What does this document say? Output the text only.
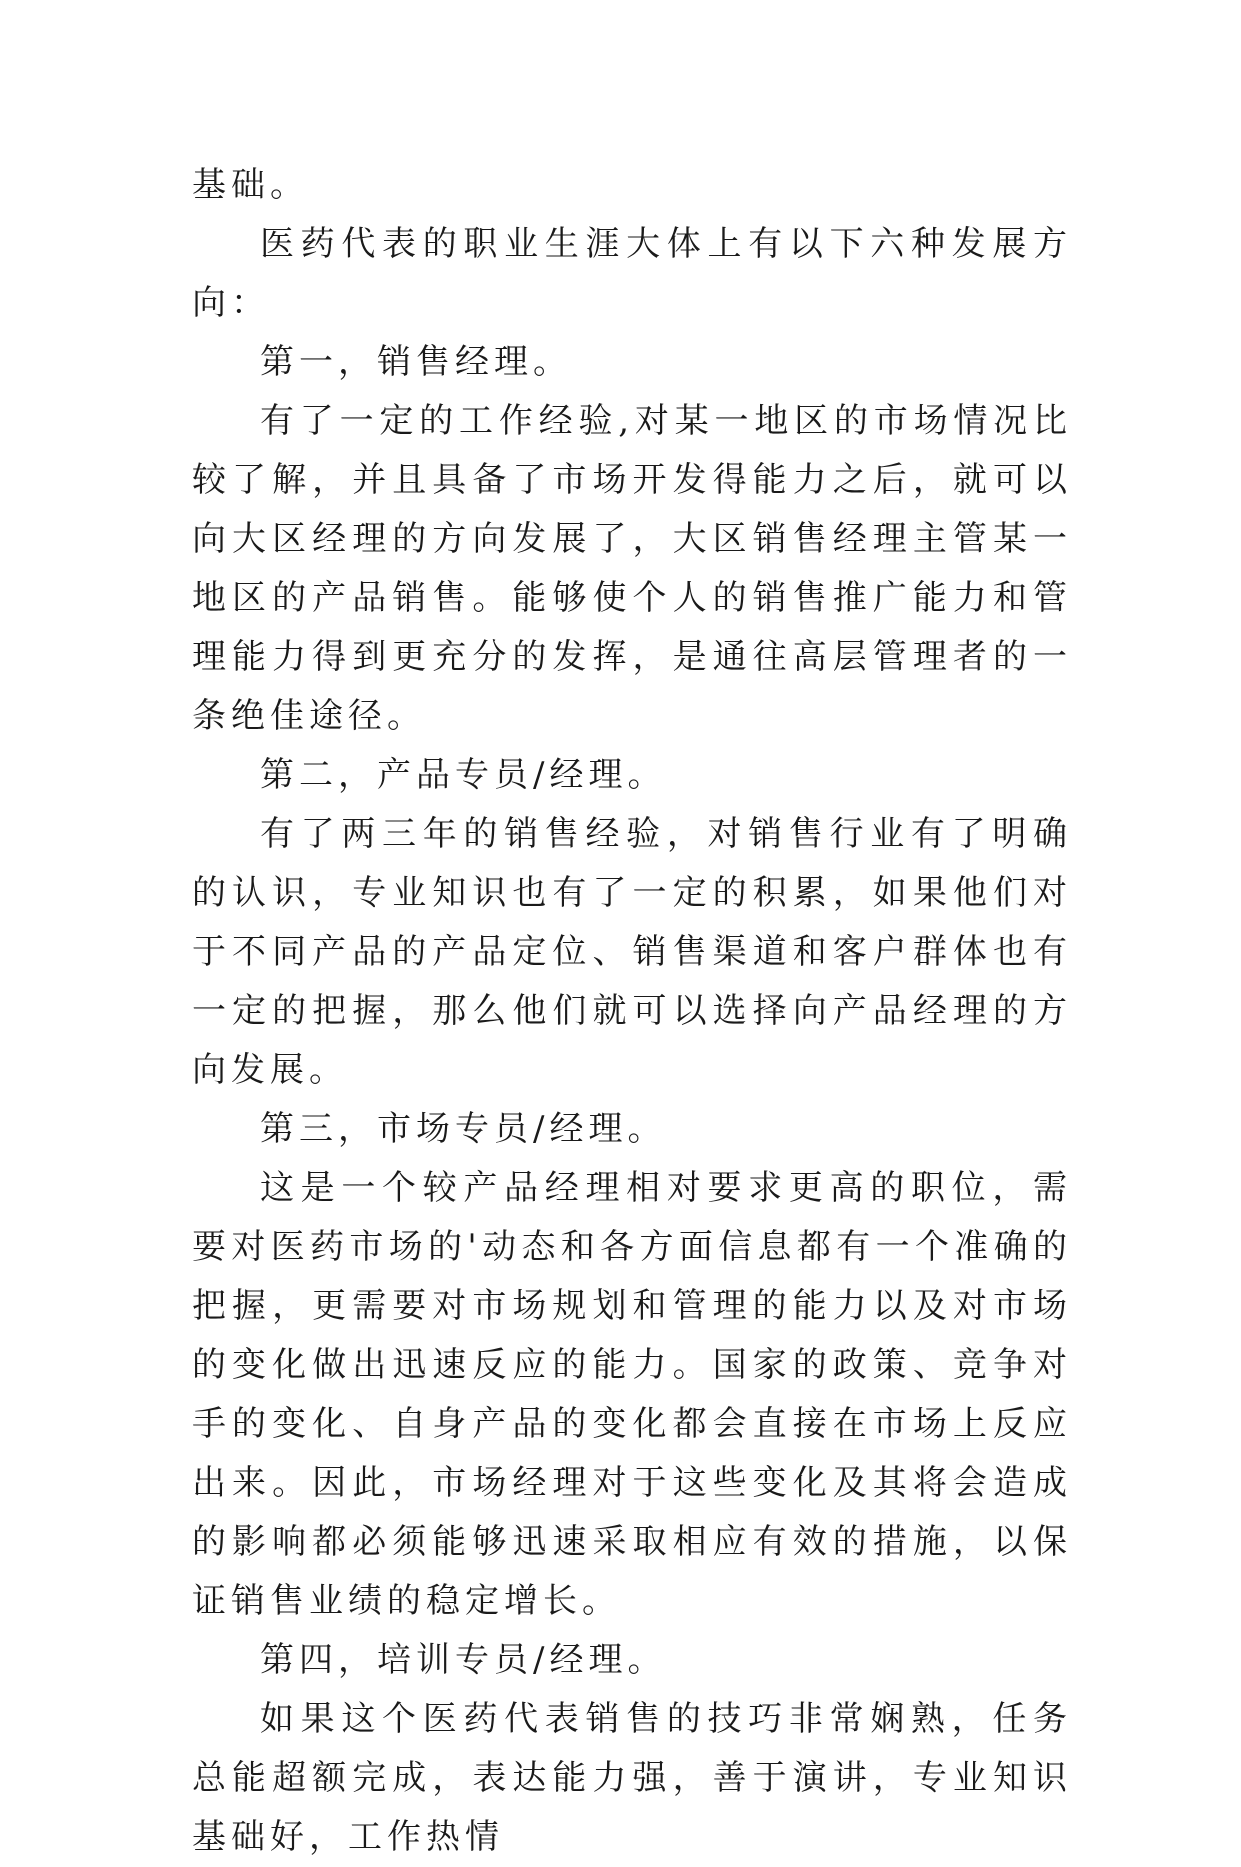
基础。

医药代表的职业生涯大体上有以下六种发展方向：

第一，销售经理。

有了一定的工作经验,对某一地区的市场情况比较了解，并且具备了市场开发得能力之后，就可以向大区经理的方向发展了，大区销售经理主管某一地区的产品销售。能够使个人的销售推广能力和管理能力得到更充分的发挥，是通往高层管理者的一条绝佳途径。

第二，产品专员/经理。

有了两三年的销售经验，对销售行业有了明确的认识，专业知识也有了一定的积累，如果他们对于不同产品的产品定位、销售渠道和客户群体也有一定的把握，那么他们就可以选择向产品经理的方向发展。

第三，市场专员/经理。

这是一个较产品经理相对要求更高的职位，需要对医药市场的'动态和各方面信息都有一个准确的把握，更需要对市场规划和管理的能力以及对市场的变化做出迅速反应的能力。国家的政策、竞争对手的变化、自身产品的变化都会直接在市场上反应出来。因此，市场经理对于这些变化及其将会造成的影响都必须能够迅速采取相应有效的措施，以保证销售业绩的稳定增长。

第四，培训专员/经理。

如果这个医药代表销售的技巧非常娴熟，任务总能超额完成，表达能力强，善于演讲，专业知识基础好，工作热情
